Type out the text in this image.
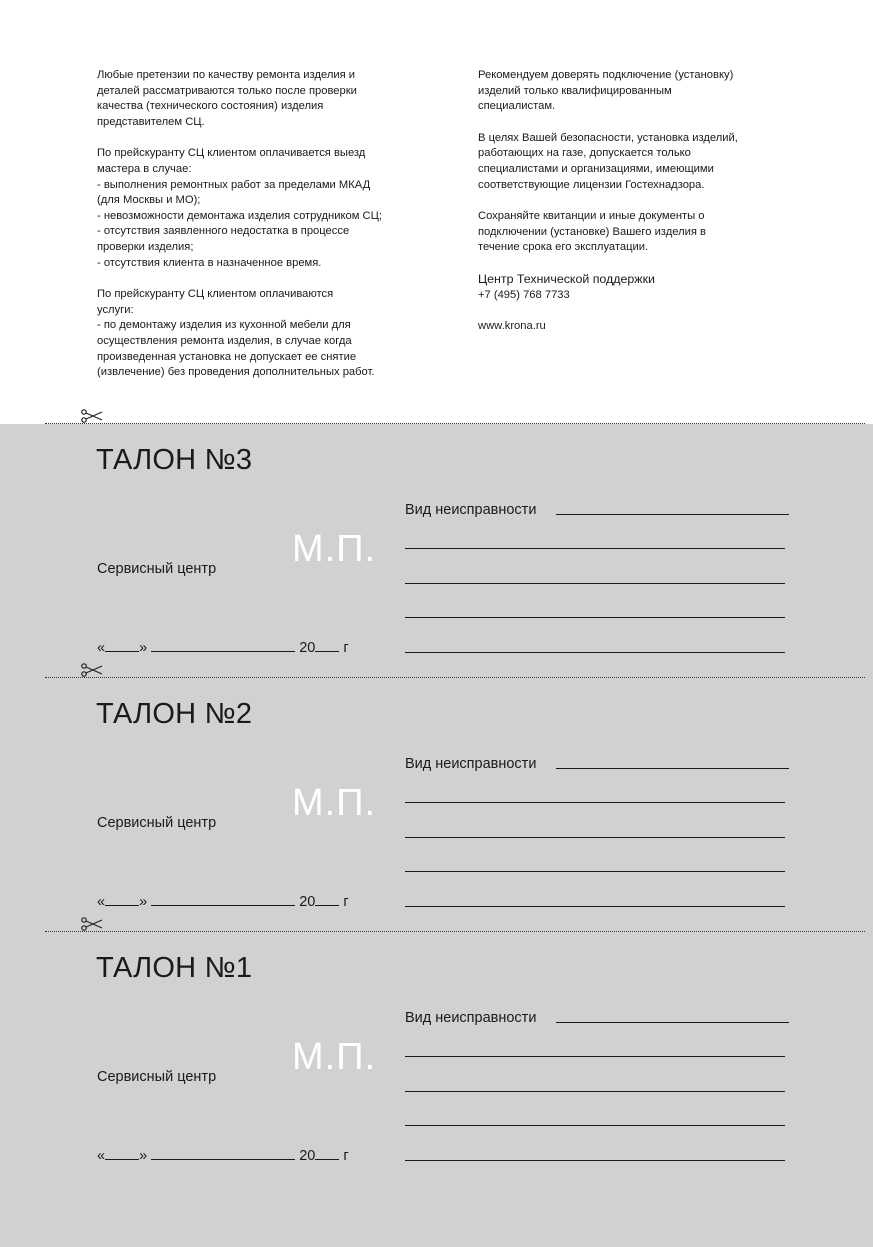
Любые претензии по качеству ремонта изделия и
деталей рассматриваются только после проверки
качества (технического состояния) изделия
представителем СЦ.

По прейскуранту СЦ клиентом оплачивается выезд
мастера в случае:
- выполнения ремонтных работ за пределами МКАД
(для Москвы и МО);
- невозможности демонтажа изделия сотрудником СЦ;
- отсутствия заявленного недостатка в процессе
проверки изделия;
- отсутствия клиента в назначенное время.

По прейскуранту СЦ клиентом оплачиваются
услуги:
- по демонтажу изделия из кухонной мебели для
осуществления ремонта изделия, в случае когда
произведенная установка не допускает ее снятие
(извлечение) без проведения дополнительных работ.

Рекомендуем доверять подключение (установку)
изделий только квалифицированным
специалистам.

В целях Вашей безопасности, установка изделий,
работающих на газе, допускается только
специалистами и организациями, имеющими
соответствующие лицензии Гостехнадзора.

Сохраняйте квитанции и иные документы о
подключении (установке) Вашего изделия в
течение срока его эксплуатации.

Центр Технической поддержки

+7 (495) 768 7733

www.krona.ru

ТАЛОН №3
М.П.
Сервисный центр
« »	20 г
Вид неисправности
ТАЛОН №2
М.П.
Сервисный центр
« »	20 г
Вид неисправности
ТАЛОН №1
М.П.
Сервисный центр
« »	20 г
Вид неисправности
